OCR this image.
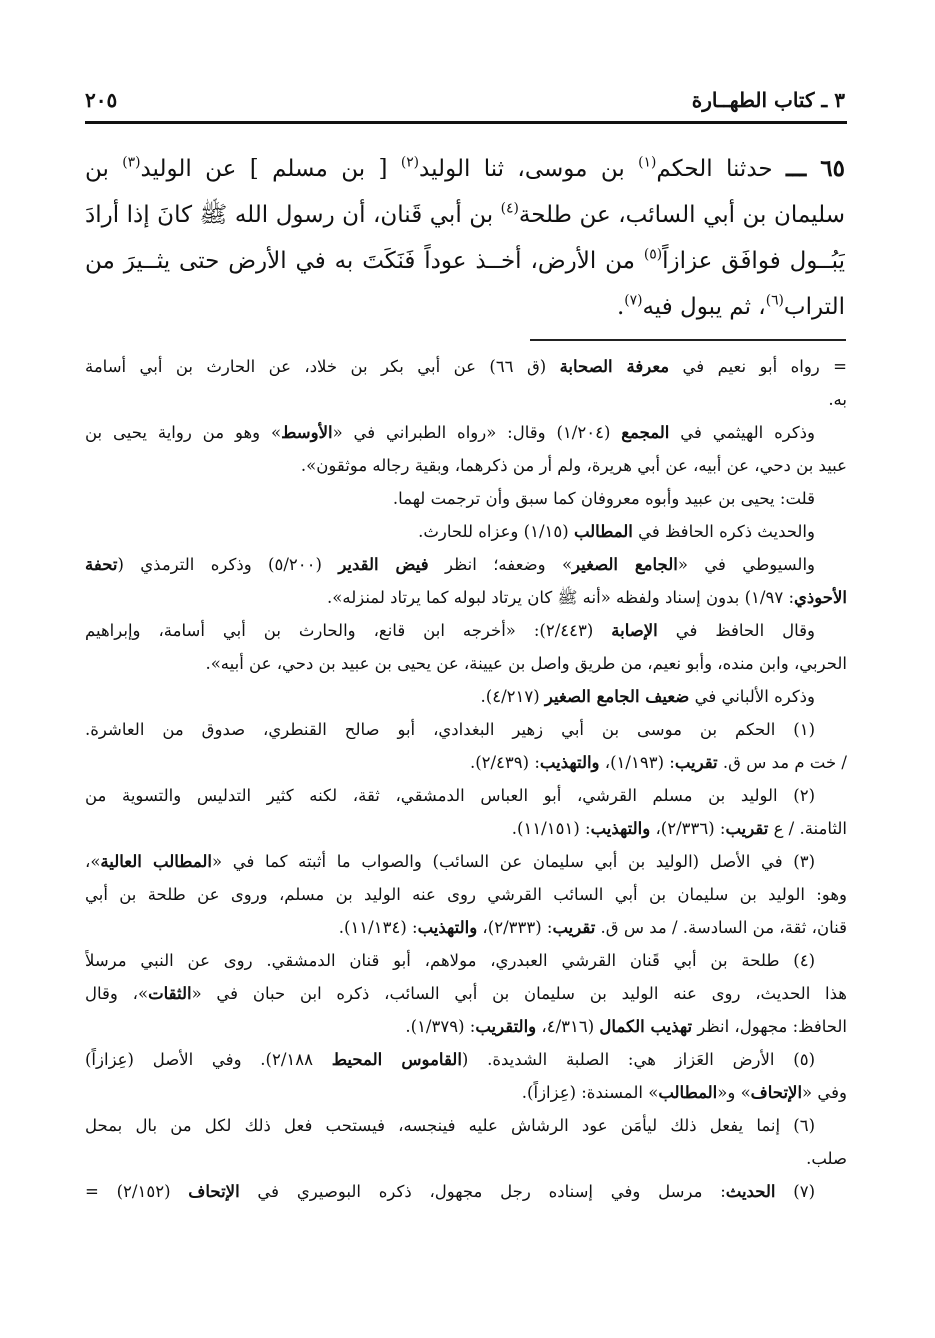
٣ ـ كتاب الطهــارة
٢٠٥
٦٥ ـــ حدثنا الحكم$^{(١)}$ بن موسى، ثنا الوليد$^{(٢)}$ [ بن مسلم ] عن الوليد$^{(٣)}$ بن
سليمان بن أبي السائب، عن طلحة$^{(٤)}$ بن أبي قَنان، أن رسول الله ﷺ كانَ إذا أرادَ
يَبُــول فوافَق عزازاً$^{(٥)}$ من الأرض، أخــذ عوداً فَنَكَتَ به في الأرض حتى يثــيرَ من
التراب$^{(٦)}$، ثم يبول فيه$^{(٧)}$.
= رواه أبو نعيم في معرفة الصحابة (ق ٦٦) عن أبي بكر بن خلاد، عن الحارث بن أبي أسامة
به.
وذكره الهيثمي في المجمع (١/٢٠٤) وقال: «رواه الطبراني في «الأوسط» وهو من رواية يحيى بن
عبيد بن دحي، عن أبيه، عن أبي هريرة، ولم أر من ذكرهما، وبقية رجاله موثقون».
قلت: يحيى بن عبيد وأبوه معروفان كما سبق وأن ترجمت لهما.
والحديث ذكره الحافظ في المطالب (١/١٥) وعزاه للحارث.
والسيوطي في «الجامع الصغير» وضعفه؛ انظر فيض القدير (٥/٢٠٠) وذكره الترمذي (تحفة
الأحوذي: ١/٩٧) بدون إسناد ولفظه «أنه ﷺ كان يرتاد لبوله كما يرتاد لمنزله».
وقال الحافظ في الإصابة (٢/٤٤٣): «أخرجه ابن قانع، والحارث بن أبي أسامة، وإبراهيم
الحربي، وابن منده، وأبو نعيم، من طريق واصل بن عيينة، عن يحيى بن عبيد بن دحي، عن أبيه».
وذكره الألباني في ضعيف الجامع الصغير (٤/٢١٧).
(١) الحكم بن موسى بن أبي زهير البغدادي، أبو صالح القنطري، صدوق من العاشرة.
/ خت م مد س ق. تقريب: (١/١٩٣)، والتهذيب: (٢/٤٣٩).
(٢) الوليد بن مسلم القرشي، أبو العباس الدمشقي، ثقة، لكنه كثير التدليس والتسوية من
الثامنة. / ع تقريب: (٢/٣٣٦)، والتهذيب: (١١/١٥١).
(٣) في الأصل (الوليد بن أبي سليمان عن السائب) والصواب ما أثبته كما في «المطالب العالية»،
وهو: الوليد بن سليمان بن أبي السائب القرشي روى عنه الوليد بن مسلم، وروى عن طلحة بن أبي
قنان، ثقة، من السادسة. / مد س ق. تقريب: (٢/٣٣٣)، والتهذيب: (١١/١٣٤).
(٤) طلحة بن أبي قَنان القرشي العبدري، مولاهم، أبو قنان الدمشقي. روى عن النبي مرسلاً
هذا الحديث، روى عنه الوليد بن سليمان بن أبي السائب، ذكره ابن حبان في «الثقات»، وقال
الحافظ: مجهول، انظر تهذيب الكمال (٤/٣١٦، والتقريب: (١/٣٧٩).
(٥) الأرض العَزاز هي: الصلبة الشديدة. (القاموس المحيط ٢/١٨٨). وفي الأصل (عِزازاً)
وفي «الإتحاف» و«المطالب» المسندة: (عِزازاً).
(٦) إنما يفعل ذلك ليأمَن عود الرشاش عليه فينجسه، فيستحب فعل ذلك لكل من بال بمحل
صلب.
(٧) الحديث: مرسل وفي إسناده رجل مجهول، ذكره البوصيري في الإتحاف (٢/١٥٢) =
